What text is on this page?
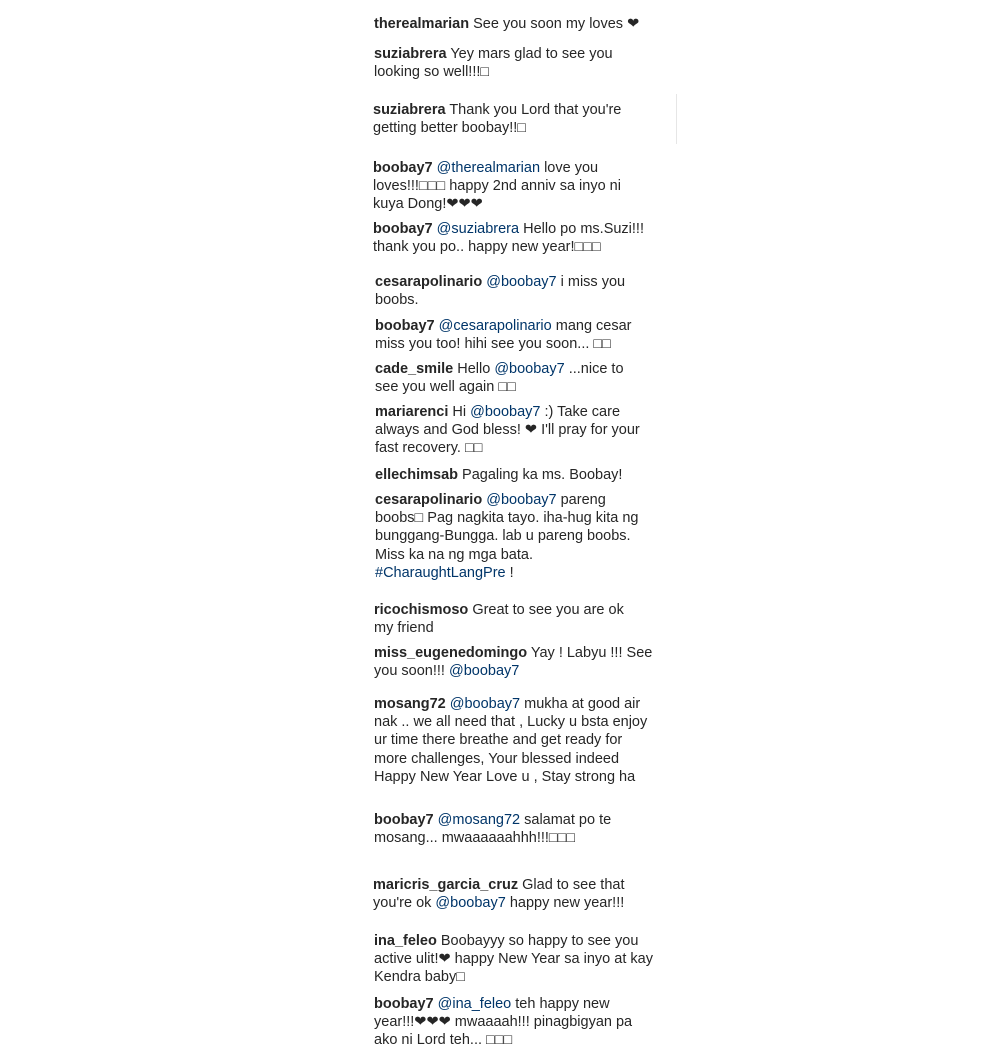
therealmarian See you soon my loves ❤
suziabrera Yey mars glad to see you looking so well!!!□
suziabrera Thank you Lord that you're getting better boobay!!□
boobay7 @therealmarian love you loves!!!□□□ happy 2nd anniv sa inyo ni kuya Dong!❤❤❤
boobay7 @suziabrera Hello po ms.Suzi!!! thank you po.. happy new year!□□□
cesarapolinario @boobay7 i miss you boobs.
boobay7 @cesarapolinario mang cesar miss you too! hihi see you soon... □□
cade_smile Hello @boobay7 ...nice to see you well again □□
mariarenci Hi @boobay7 :) Take care always and God bless! ❤ I'll pray for your fast recovery. □□
ellechimsab Pagaling ka ms. Boobay!
cesarapolinario @boobay7 pareng boobs□ Pag nagkita tayo. iha-hug kita ng bunggang-Bungga. lab u pareng boobs. Miss ka na ng mga bata. #CharaughtLangPre !
ricochismoso Great to see you are ok my friend
miss_eugenedomingo Yay ! Labyu !!! See you soon!!! @boobay7
mosang72 @boobay7 mukha at good air nak .. we all need that , Lucky u bsta enjoy ur time there breathe and get ready for more challenges, Your blessed indeed Happy New Year Love u , Stay strong ha
boobay7 @mosang72 salamat po te mosang... mwaaaaaahhh!!!□□□
maricris_garcia_cruz Glad to see that you're ok @boobay7 happy new year!!!
ina_feleo Boobayyy so happy to see you active ulit!❤ happy New Year sa inyo at kay Kendra baby□
boobay7 @ina_feleo teh happy new year!!!❤❤❤ mwaaaah!!! pinagbigyan pa ako ni Lord teh... □□□
